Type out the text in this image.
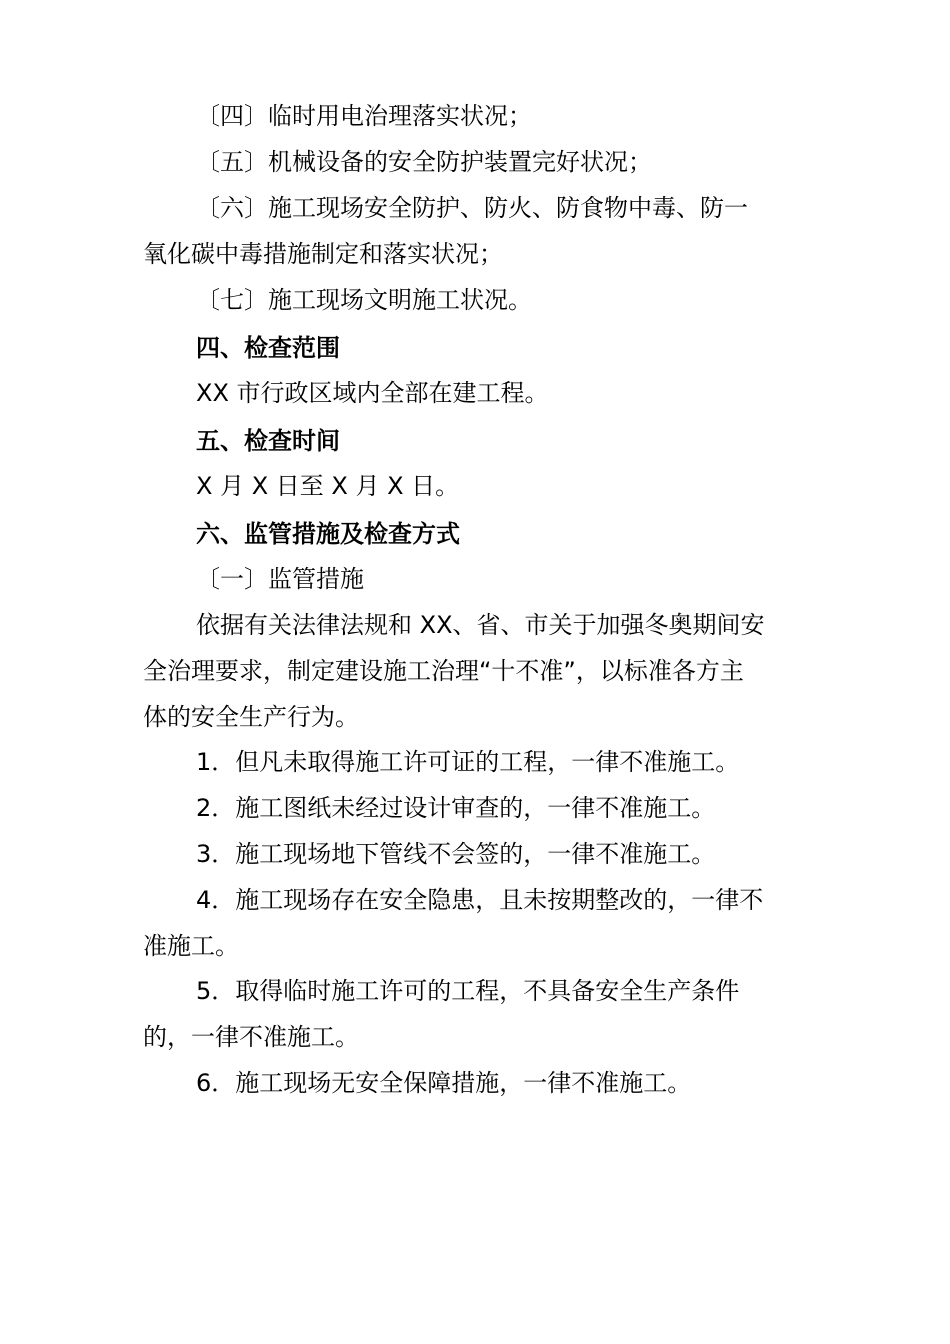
〔四〕临时用电治理落实状况；
〔五〕机械设备的安全防护装置完好状况；
〔六〕施工现场安全防护、防火、防食物中毒、防一
氧化碳中毒措施制定和落实状况；
〔七〕施工现场文明施工状况。
四、检查范围
XX 市行政区域内全部在建工程。
五、检查时间
X 月 X 日至 X 月 X 日。
六、监管措施及检查方式
〔一〕监管措施
依据有关法律法规和 XX、省、市关于加强冬奥期间安
全治理要求，制定建设施工治理“十不准”，以标准各方主
体的安全生产行为。
1．但凡未取得施工许可证的工程，一律不准施工。
2．施工图纸未经过设计审查的，一律不准施工。
3．施工现场地下管线不会签的，一律不准施工。
4．施工现场存在安全隐患，且未按期整改的，一律不
准施工。
5．取得临时施工许可的工程，不具备安全生产条件
的，一律不准施工。
6．施工现场无安全保障措施，一律不准施工。
